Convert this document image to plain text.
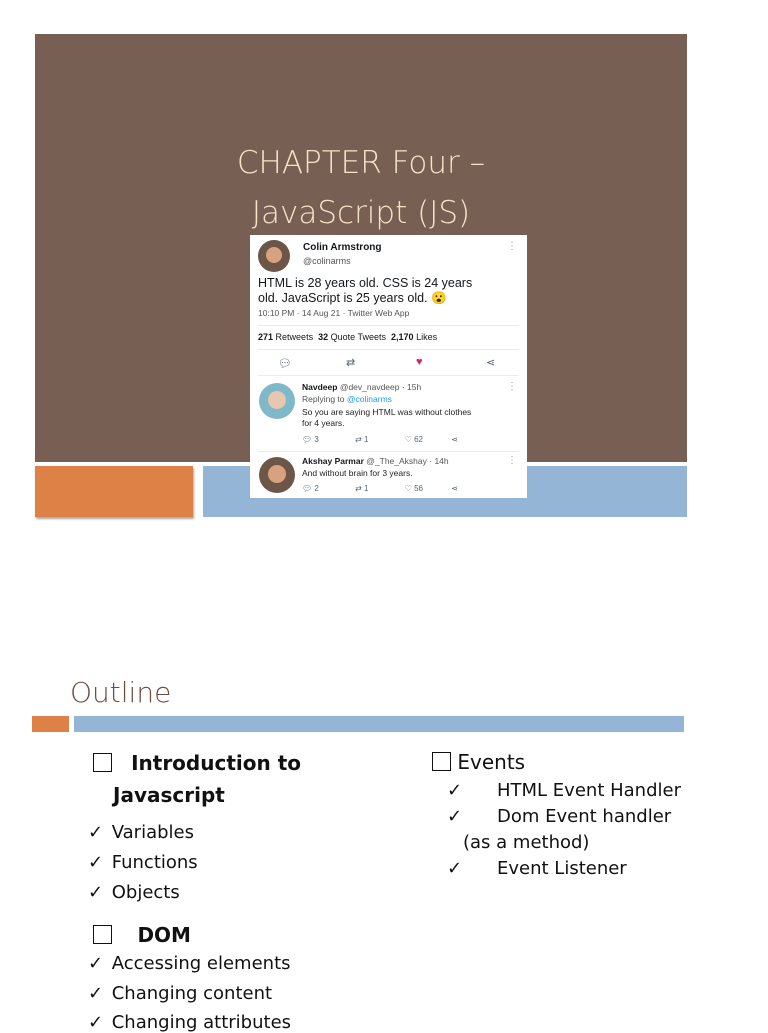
CHAPTER Four –
JavaScript (JS)
Colin Armstrong
@colinarms
⋮
HTML is 28 years old. CSS is 24 years
old. JavaScript is 25 years old. 😮
10:10 PM · 14 Aug 21 · Twitter Web App
271 Retweets 32 Quote Tweets 2,170 Likes
💬︎	⇄	♥	⋖
Navdeep @dev_navdeep · 15h	⋮
Replying to @colinarms
So you are saying HTML was without clothes
for 4 years.
💬︎ 3	⇄ 1	♡ 62	⋖
Akshay Parmar @_The_Akshay · 14h	⋮
And without brain for 3 years.
💬︎ 2	⇄ 1	♡ 56	⋖
Outline
Introduction to
Javascript
✓ Variables
✓ Functions
✓ Objects
DOM
✓ Accessing elements
✓ Changing content
✓ Changing attributes
Events
✓ HTML Event Handler
✓ Dom Event handler
(as a method)
✓ Event Listener
